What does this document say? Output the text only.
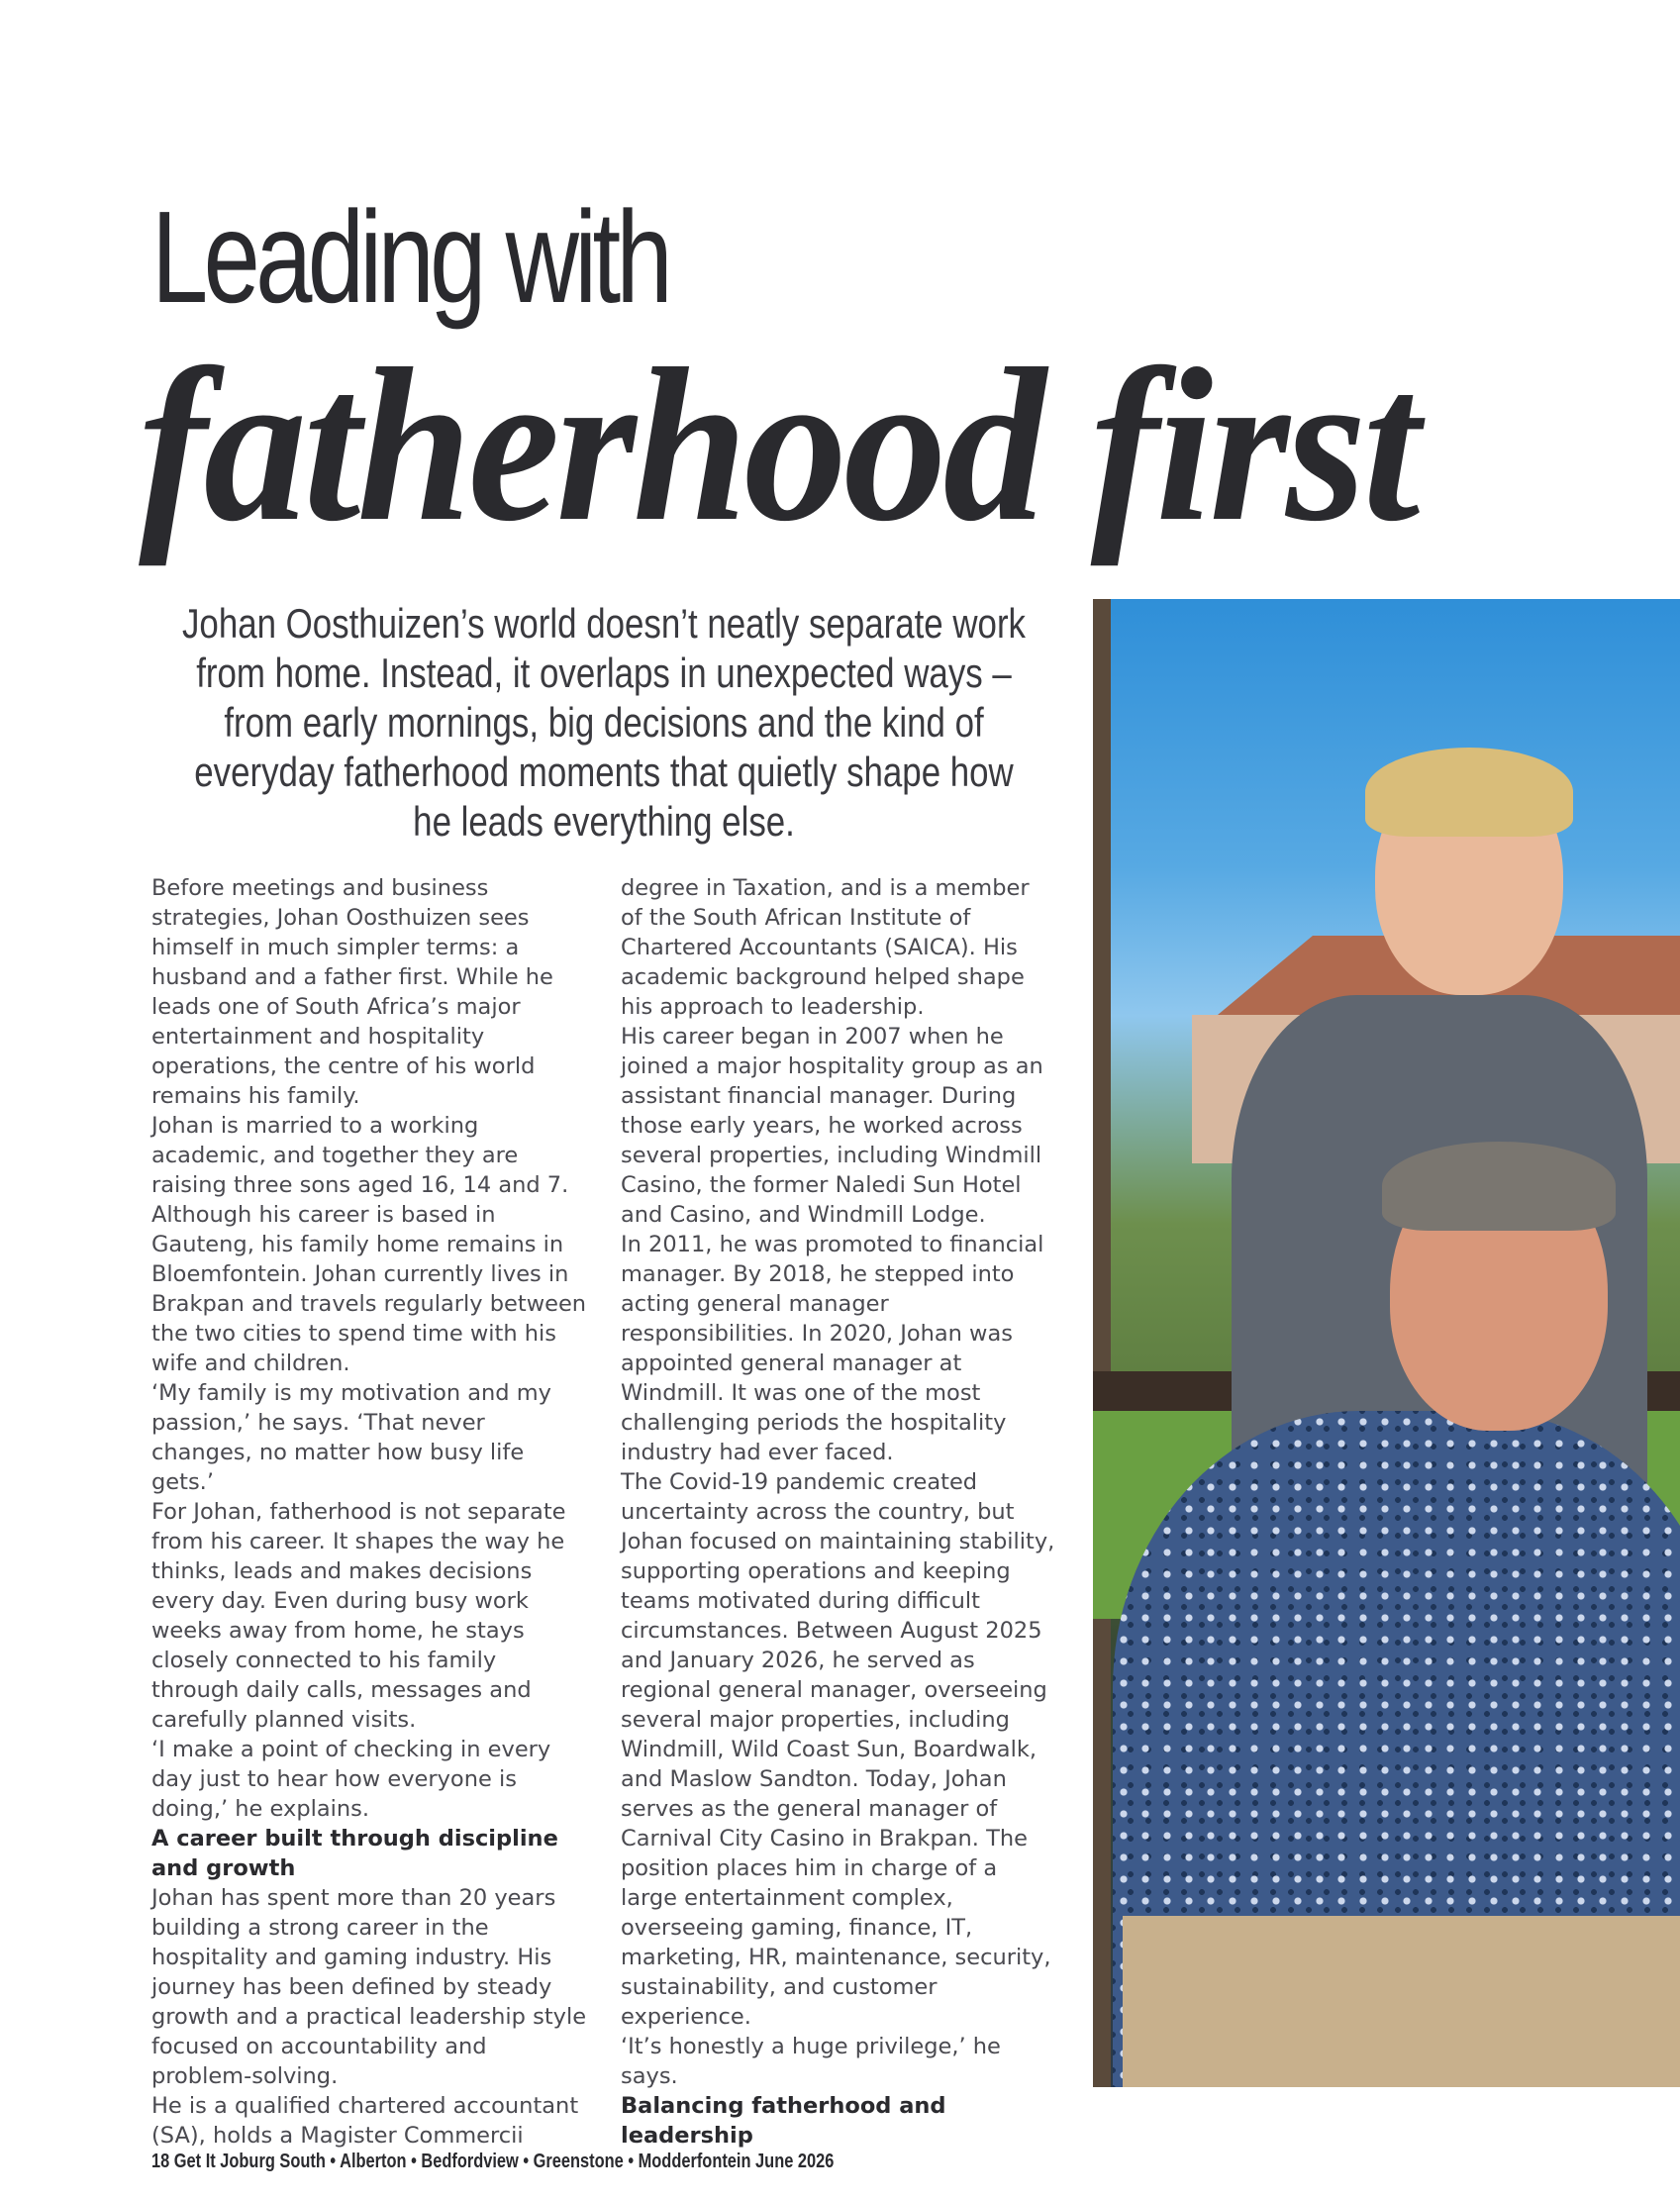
Leading with
fatherhood first

Johan Oosthuizen’s world doesn’t neatly separate work from home. Instead, it overlaps in unexpected ways – from early mornings, big decisions and the kind of everyday fatherhood moments that quietly shape how he leads everything else.

Before meetings and business strategies, Johan Oosthuizen sees himself in much simpler terms: a husband and a father first. While he leads one of South Africa’s major entertainment and hospitality operations, the centre of his world remains his family.

Johan is married to a working academic, and together they are raising three sons aged 16, 14 and 7. Although his career is based in Gauteng, his family home remains in Bloemfontein. Johan currently lives in Brakpan and travels regularly between the two cities to spend time with his wife and children.

‘My family is my motivation and my passion,’ he says. ‘That never changes, no matter how busy life gets.’

For Johan, fatherhood is not separate from his career. It shapes the way he thinks, leads and makes decisions every day. Even during busy work weeks away from home, he stays closely connected to his family through daily calls, messages and carefully planned visits.

‘I make a point of checking in every day just to hear how everyone is doing,’ he explains.

A career built through discipline and growth

Johan has spent more than 20 years building a strong career in the hospitality and gaming industry. His journey has been defined by steady growth and a practical leadership style focused on accountability and problem-solving.

He is a qualified chartered accountant (SA), holds a Magister Commercii

degree in Taxation, and is a member of the South African Institute of Chartered Accountants (SAICA). His academic background helped shape his approach to leadership.

His career began in 2007 when he joined a major hospitality group as an assistant financial manager. During those early years, he worked across several properties, including Windmill Casino, the former Naledi Sun Hotel and Casino, and Windmill Lodge.

In 2011, he was promoted to financial manager. By 2018, he stepped into acting general manager responsibilities. In 2020, Johan was appointed general manager at Windmill. It was one of the most challenging periods the hospitality industry had ever faced.

The Covid-19 pandemic created uncertainty across the country, but Johan focused on maintaining stability, supporting operations and keeping teams motivated during difficult circumstances. Between August 2025 and January 2026, he served as regional general manager, overseeing several major properties, including Windmill, Wild Coast Sun, Boardwalk, and Maslow Sandton. Today, Johan serves as the general manager of Carnival City Casino in Brakpan. The position places him in charge of a large entertainment complex, overseeing gaming, finance, IT, marketing, HR, maintenance, security, sustainability, and customer experience.

‘It’s honestly a huge privilege,’ he says.

Balancing fatherhood and leadership

18 Get It Joburg South • Alberton • Bedfordview • Greenstone • Modderfontein June 2026
